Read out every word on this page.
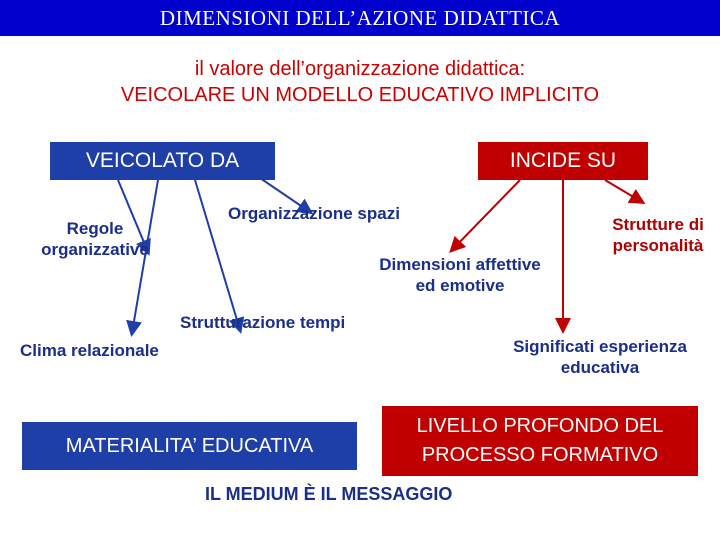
DIMENSIONI DELL’AZIONE DIDATTICA
il valore dell’organizzazione didattica:
VEICOLARE UN MODELLO EDUCATIVO IMPLICITO
VEICOLATO DA	INCIDE SU
Regole
organizzative
Organizzazione spazi
Dimensioni affettive
ed emotive
Strutture di
personalità
Strutturazione tempi
Clima relazionale	Significati esperienza
educativa
MATERIALITA’ EDUCATIVA
LIVELLO PROFONDO DEL
PROCESSO FORMATIVO
IL MEDIUM È IL MESSAGGIO
